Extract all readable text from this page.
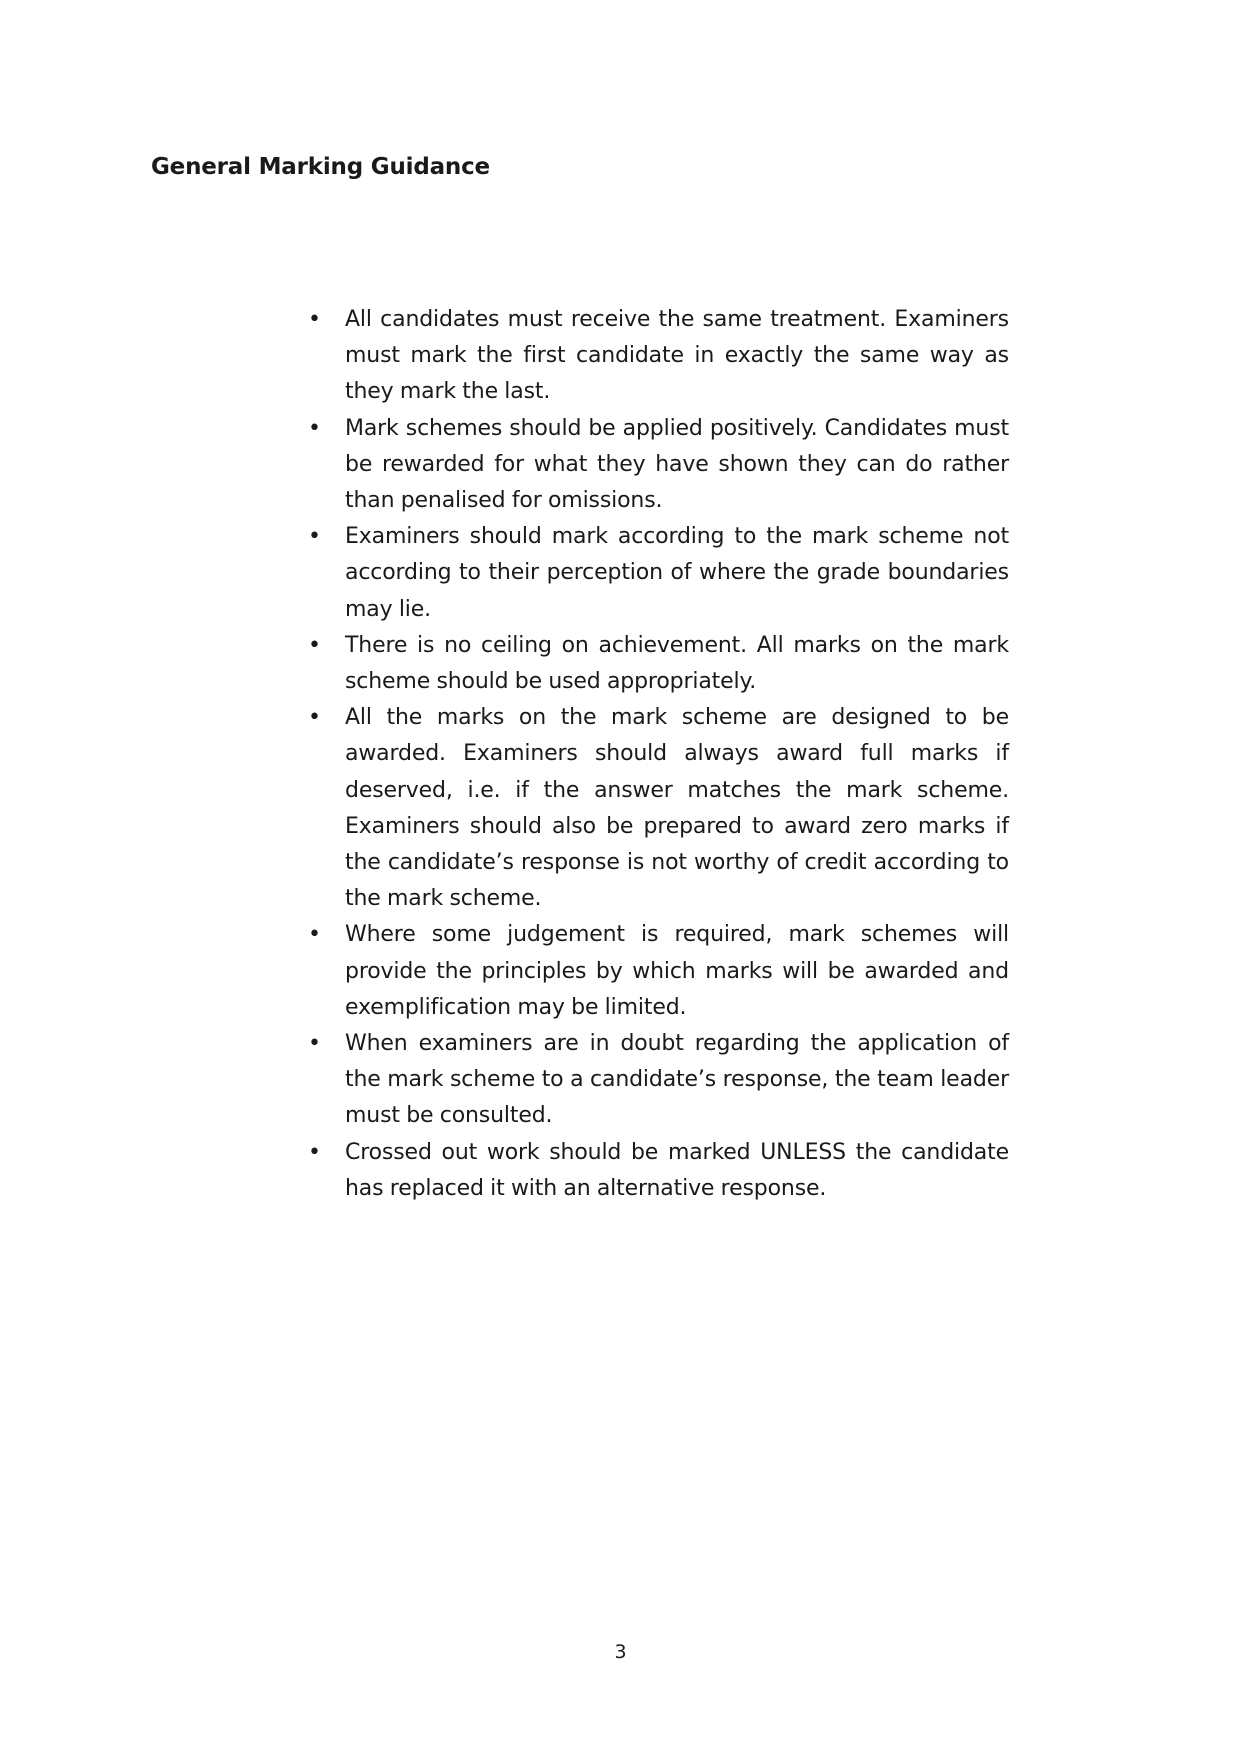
General Marking Guidance
• All candidates must receive the same treatment. Examiners must mark the first candidate in exactly the same way as they mark the last.
• Mark schemes should be applied positively. Candidates must be rewarded for what they have shown they can do rather than penalised for omissions.
• Examiners should mark according to the mark scheme not according to their perception of where the grade boundaries may lie.
• There is no ceiling on achievement. All marks on the mark scheme should be used appropriately.
• All the marks on the mark scheme are designed to be awarded. Examiners should always award full marks if deserved, i.e. if the answer matches the mark scheme. Examiners should also be prepared to award zero marks if the candidate’s response is not worthy of credit according to the mark scheme.
• Where some judgement is required, mark schemes will provide the principles by which marks will be awarded and exemplification may be limited.
• When examiners are in doubt regarding the application of the mark scheme to a candidate’s response, the team leader must be consulted.
• Crossed out work should be marked UNLESS the candidate has replaced it with an alternative response.
3
